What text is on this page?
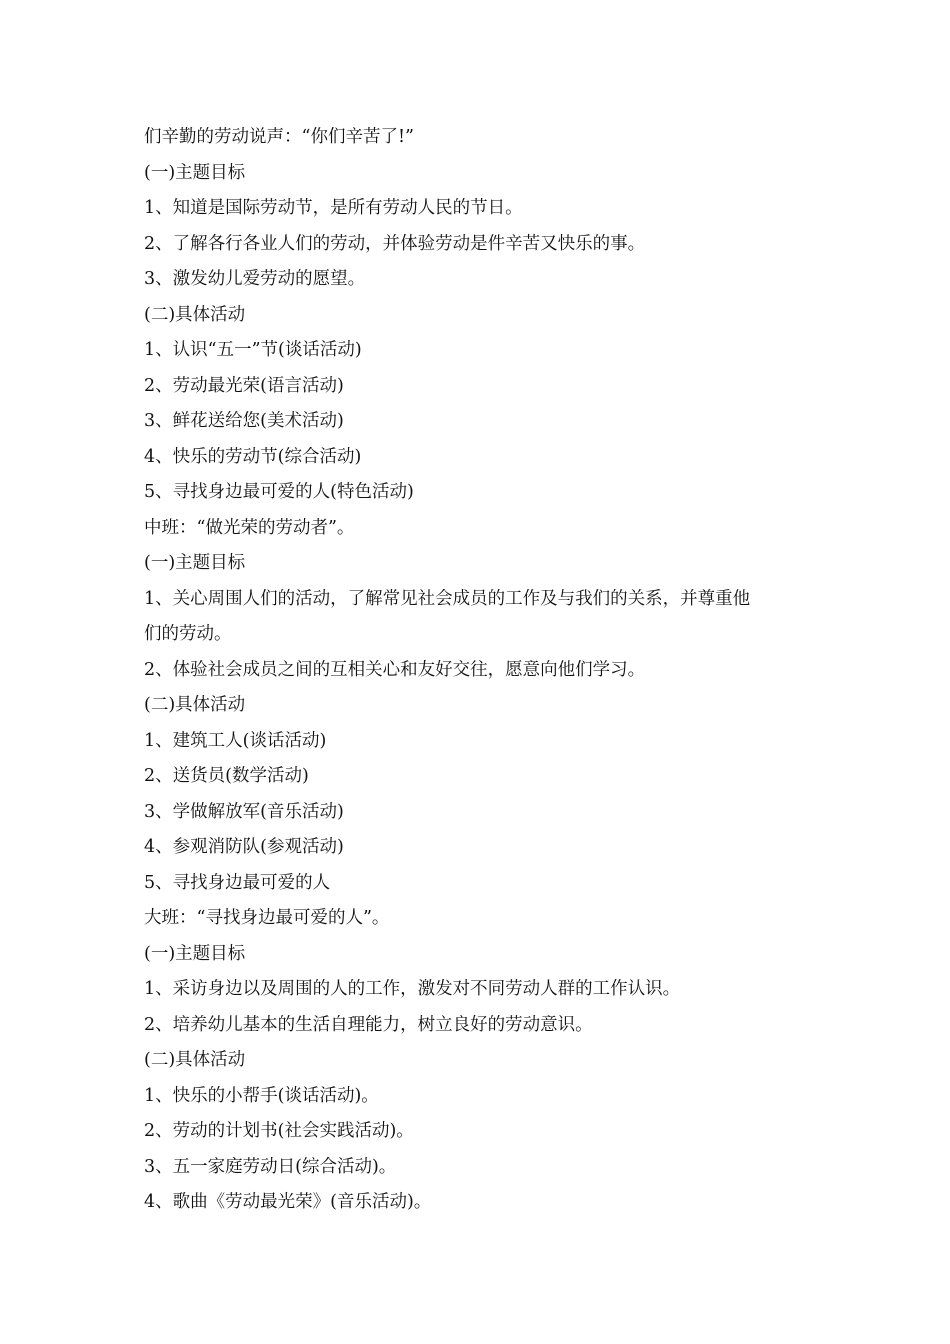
们辛勤的劳动说声：“你们辛苦了!”
(一)主题目标
1、知道是国际劳动节，是所有劳动人民的节日。
2、了解各行各业人们的劳动，并体验劳动是件辛苦又快乐的事。
3、激发幼儿爱劳动的愿望。
(二)具体活动
1、认识“五一”节(谈话活动)
2、劳动最光荣(语言活动)
3、鲜花送给您(美术活动)
4、快乐的劳动节(综合活动)
5、寻找身边最可爱的人(特色活动)
中班：“做光荣的劳动者”。
(一)主题目标
1、关心周围人们的活动，了解常见社会成员的工作及与我们的关系，并尊重他
们的劳动。
2、体验社会成员之间的互相关心和友好交往，愿意向他们学习。
(二)具体活动
1、建筑工人(谈话活动)
2、送货员(数学活动)
3、学做解放军(音乐活动)
4、参观消防队(参观活动)
5、寻找身边最可爱的人
大班：“寻找身边最可爱的人”。
(一)主题目标
1、采访身边以及周围的人的工作，激发对不同劳动人群的工作认识。
2、培养幼儿基本的生活自理能力，树立良好的劳动意识。
(二)具体活动
1、快乐的小帮手(谈话活动)。
2、劳动的计划书(社会实践活动)。
3、五一家庭劳动日(综合活动)。
4、歌曲《劳动最光荣》(音乐活动)。
